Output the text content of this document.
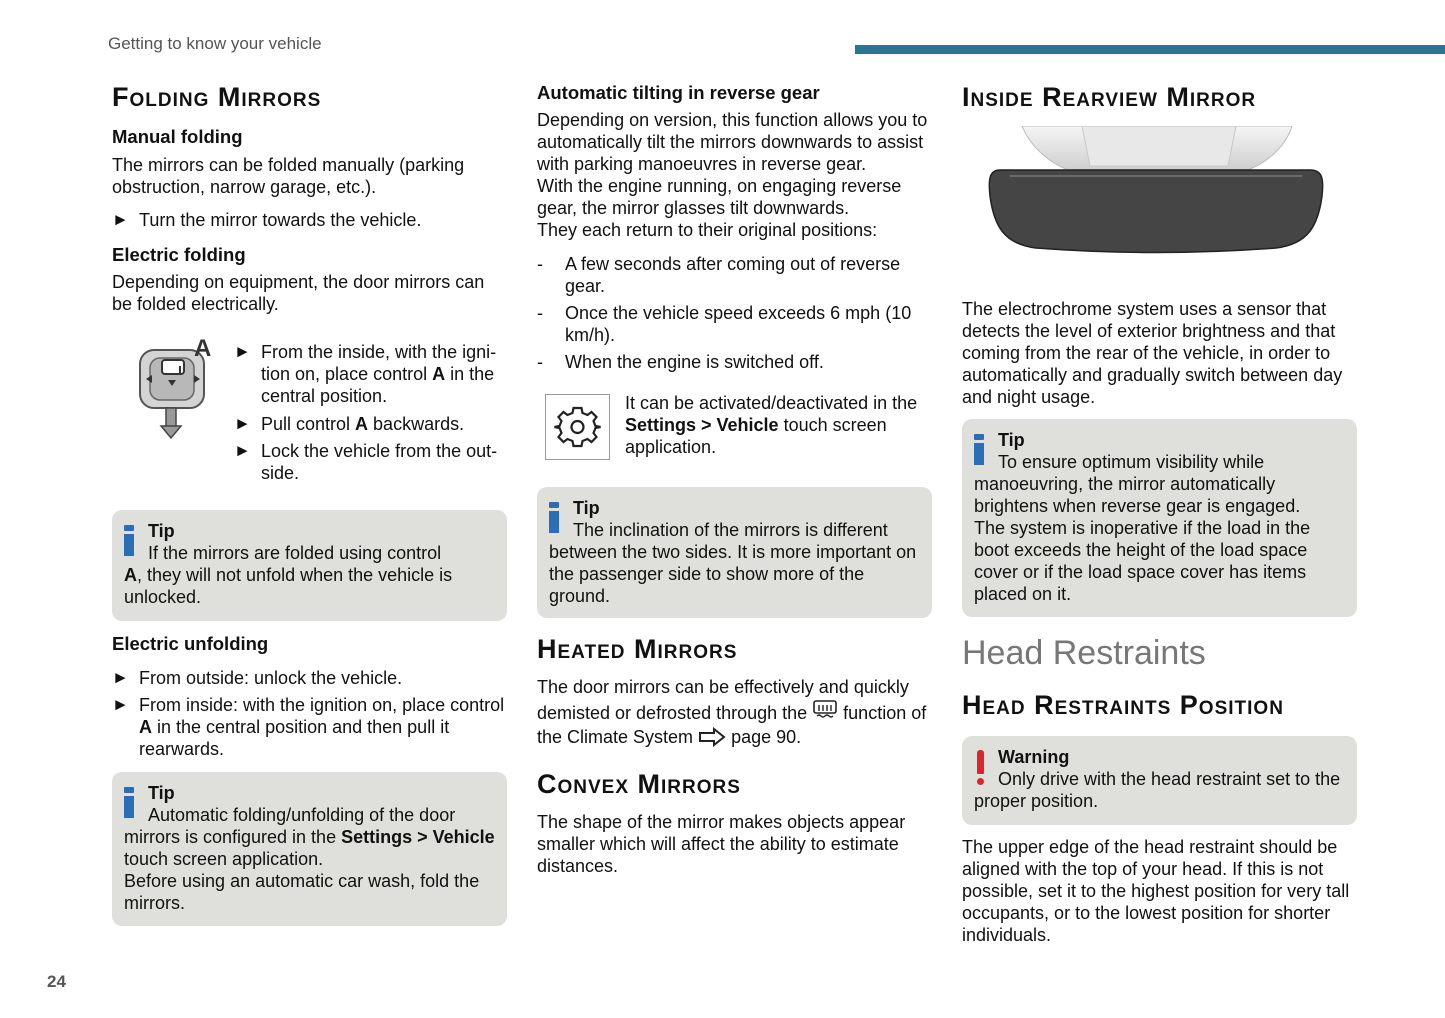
Getting to know your vehicle
Folding Mirrors
Manual folding
The mirrors can be folded manually (parking obstruction, narrow garage, etc.).
► Turn the mirror towards the vehicle.
Electric folding
Depending on equipment, the door mirrors can be folded electrically.
A ► From the inside, with the igni-tion on, place control A in the central position.
► Pull control A backwards.
► Lock the vehicle from the out-side.
Tip
If the mirrors are folded using control
A, they will not unfold when the vehicle is unlocked.
Electric unfolding
► From outside: unlock the vehicle.
► From inside: with the ignition on, place control A in the central position and then pull it rearwards.
Tip
Automatic folding/unfolding of the door mirrors is configured in the Settings > Vehicle touch screen application.
Before using an automatic car wash, fold the mirrors.
Automatic tilting in reverse gear
Depending on version, this function allows you to automatically tilt the mirrors downwards to assist with parking manoeuvres in reverse gear.
With the engine running, on engaging reverse gear, the mirror glasses tilt downwards.
They each return to their original positions:
-	A few seconds after coming out of reverse gear.
-	Once the vehicle speed exceeds 6 mph (10 km/h).
-	When the engine is switched off.
It can be activated/deactivated in the Settings > Vehicle touch screen application.
Tip
The inclination of the mirrors is different between the two sides. It is more important on the passenger side to show more of the ground.
Heated Mirrors
The door mirrors can be effectively and quickly demisted or defrosted through the  function of the Climate System  page 90.
Convex Mirrors
The shape of the mirror makes objects appear smaller which will affect the ability to estimate distances.
Inside Rearview Mirror
The electrochrome system uses a sensor that detects the level of exterior brightness and that coming from the rear of the vehicle, in order to automatically and gradually switch between day and night usage.
Tip
To ensure optimum visibility while manoeuvring, the mirror automatically brightens when reverse gear is engaged.
The system is inoperative if the load in the boot exceeds the height of the load space cover or if the load space cover has items placed on it.
Head Restraints
Head Restraints Position
Warning
Only drive with the head restraint set to the proper position.
The upper edge of the head restraint should be aligned with the top of your head. If this is not possible, set it to the highest position for very tall occupants, or to the lowest position for shorter individuals.
24
